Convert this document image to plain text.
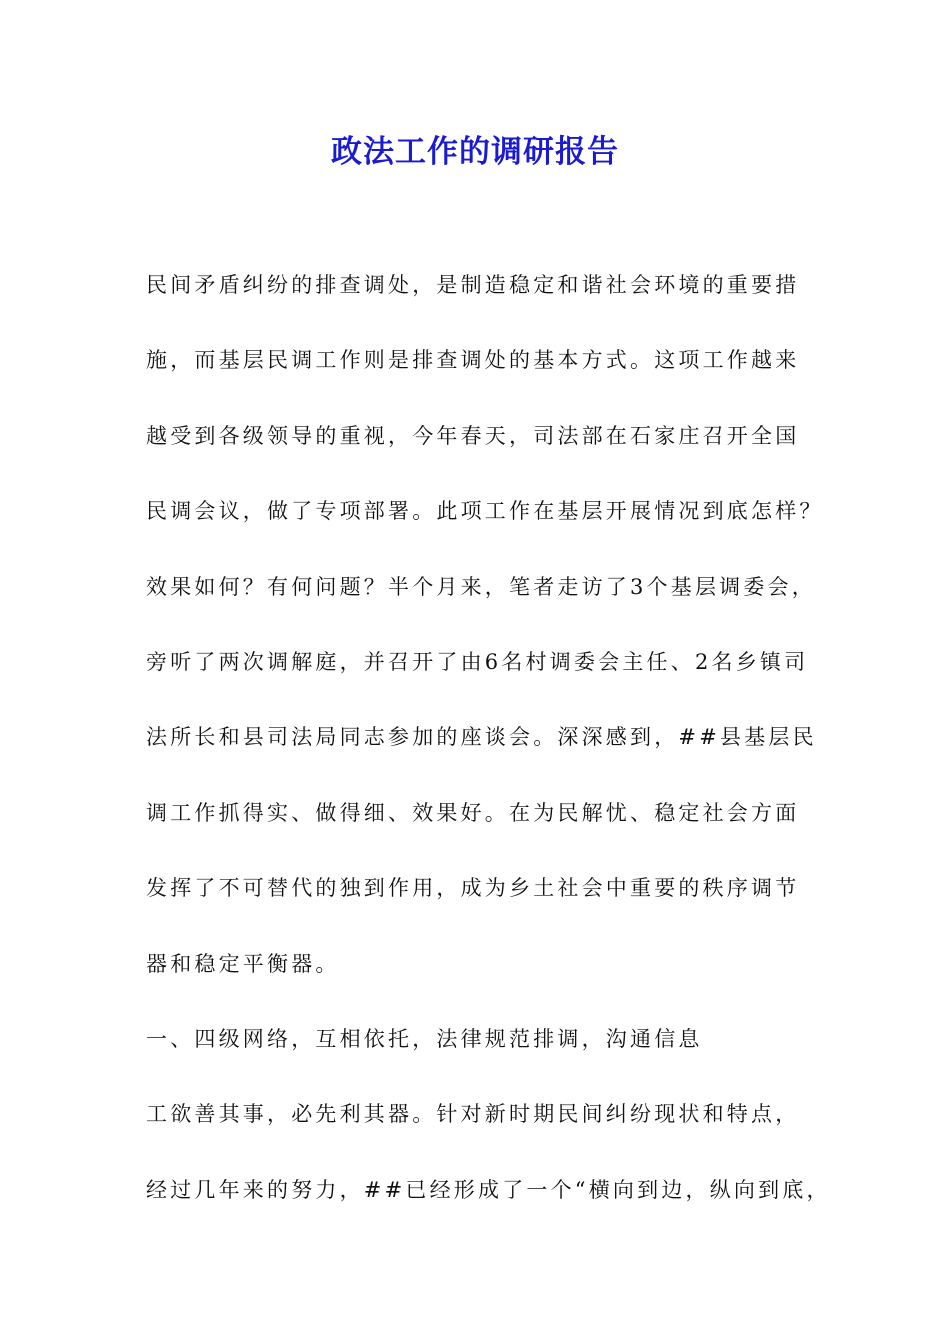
政法工作的调研报告
民间矛盾纠纷的排查调处，是制造稳定和谐社会环境的重要措
施，而基层民调工作则是排查调处的基本方式。这项工作越来
越受到各级领导的重视，今年春天，司法部在石家庄召开全国
民调会议，做了专项部署。此项工作在基层开展情况到底怎样？
效果如何？有何问题？半个月来，笔者走访了3个基层调委会，
旁听了两次调解庭，并召开了由6名村调委会主任、2名乡镇司
法所长和县司法局同志参加的座谈会。深深感到，##县基层民
调工作抓得实、做得细、效果好。在为民解忧、稳定社会方面
发挥了不可替代的独到作用，成为乡土社会中重要的秩序调节
器和稳定平衡器。
一、四级网络，互相依托，法律规范排调，沟通信息
工欲善其事，必先利其器。针对新时期民间纠纷现状和特点，
经过几年来的努力，##已经形成了一个“横向到边，纵向到底，
